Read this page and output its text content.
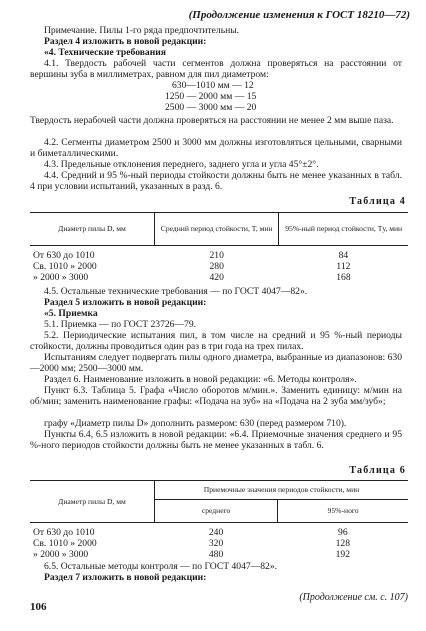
(Продолжение изменения к ГОСТ 18210—72)

Примечание. Пилы 1-го ряда предпочтительны.

Раздел 4 изложить в новой редакции:

«4. Технические требования

4.1. Твердость рабочей части сегментов должна проверяться на расстоянии от вершины зуба в миллиметрах, равном для пил диаметром:

630—1010 мм — 12
1250 — 2000 мм — 15
2500 — 3000 мм — 20

Твердость нерабочей части должна проверяться на расстоянии не менее 2 мм выше паза.

4.2. Сегменты диаметром 2500 и 3000 мм должны изготовляться цельными, сварными и биметаллическими.

4.3. Предельные отклонения переднего, заднего угла и угла 45°±2°.

4.4. Средний и 95 %-ный периоды стойкости должны быть не менее указанных в табл. 4 при условии испытаний, указанных в разд. 6.

Таблица 4
Диаметр пилы D, мм	Средний период стойкости, T, мин	95%-ный период стойкости, Tу, мин
От 630 до 1010	210	84
Св. 1010 » 2000	280	112
» 2000 » 3000	420	168

4.5. Остальные технические требования — по ГОСТ 4047—82».

Раздел 5 изложить в новой редакции:

«5. Приемка

5.1. Приемка — по ГОСТ 23726—79.

5.2. Периодические испытания пил, в том числе на средний и 95 %-ный периоды стойкости, должны проводиться один раз в три года на трех пилах.

Испытаниям следует подвергать пилы одного диаметра, выбранные из диапазонов: 630—2000 мм; 2500—3000 мм.

Раздел 6. Наименование изложить в новой редакции: «6. Методы контроля».

Пункт 6.3. Таблица 5. Графа «Число оборотов м/мин.». Заменить единицу: м/мин на об/мин; заменить наименование графы: «Подача на зуб» на «Подача на 2 зуба мм/зуб»;

графу «Диаметр пилы D» дополнить размером: 630 (перед размером 710).

Пункты 6.4, 6.5 изложить в новой редакции: «6.4. Приемочные значения среднего и 95 %-ного периодов стойкости должны быть не менее указанных в табл. 6.

Таблица 6
Диаметр пилы D, мм	Приемочные значения периодов стойкости, мин	
	среднего	95%-ного
От 630 до 1010	240	96
Св. 1010 » 2000	320	128
» 2000 » 3000	480	192

6.5. Остальные методы контроля — по ГОСТ 4047—82».

Раздел 7 изложить в новой редакции:

(Продолжение см. с. 107)
106
